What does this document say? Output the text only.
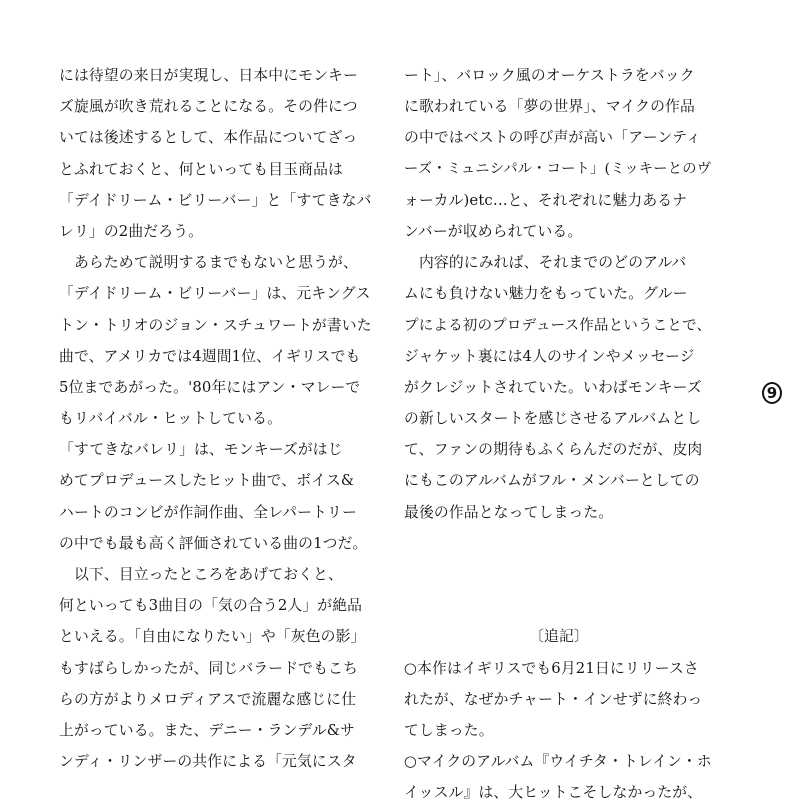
には待望の来日が実現し、日本中にモンキー
ズ旋風が吹き荒れることになる。その件につ
いては後述するとして、本作品についてざっ
とふれておくと、何といっても目玉商品は
「デイドリーム・ビリーバー」と「すてきなバ
レリ」の2曲だろう。
　あらためて説明するまでもないと思うが、
「デイドリーム・ビリーバー」は、元キングス
トン・トリオのジョン・スチュワートが書いた
曲で、アメリカでは4週間1位、イギリスでも
5位まであがった。'80年にはアン・マレーで
もリバイバル・ヒットしている。
「すてきなバレリ」は、モンキーズがはじ
めてプロデュースしたヒット曲で、ボイス&
ハートのコンビが作詞作曲、全レパートリー
の中でも最も高く評価されている曲の1つだ。
　以下、目立ったところをあげておくと、
何といっても3曲目の「気の合う2人」が絶品
といえる。「自由になりたい」や「灰色の影」
もすばらしかったが、同じバラードでもこち
らの方がよりメロディアスで流麗な感じに仕
上がっている。また、デニー・ランデル&サ
ンディ・リンザーの共作による「元気にスタ
ート」、バロック風のオーケストラをバック
に歌われている「夢の世界」、マイクの作品
の中ではベストの呼び声が高い「アーンティ
ーズ・ミュニシパル・コート」(ミッキーとのヴ
ォーカル)etc…と、それぞれに魅力あるナ
ンバーが収められている。
　内容的にみれば、それまでのどのアルバ
ムにも負けない魅力をもっていた。グルー
プによる初のプロデュース作品ということで、
ジャケット裏には4人のサインやメッセージ
がクレジットされていた。いわばモンキーズ
の新しいスタートを感じさせるアルバムとし
て、ファンの期待もふくらんだのだが、皮肉
にもこのアルバムがフル・メンバーとしての
最後の作品となってしまった。
〔追記〕
○本作はイギリスでも6月21日にリリースさ
れたが、なぜかチャート・インせずに終わっ
てしまった。
○マイクのアルバム『ウイチタ・トレイン・ホ
イッスル』は、大ヒットこそしなかったが、
9
